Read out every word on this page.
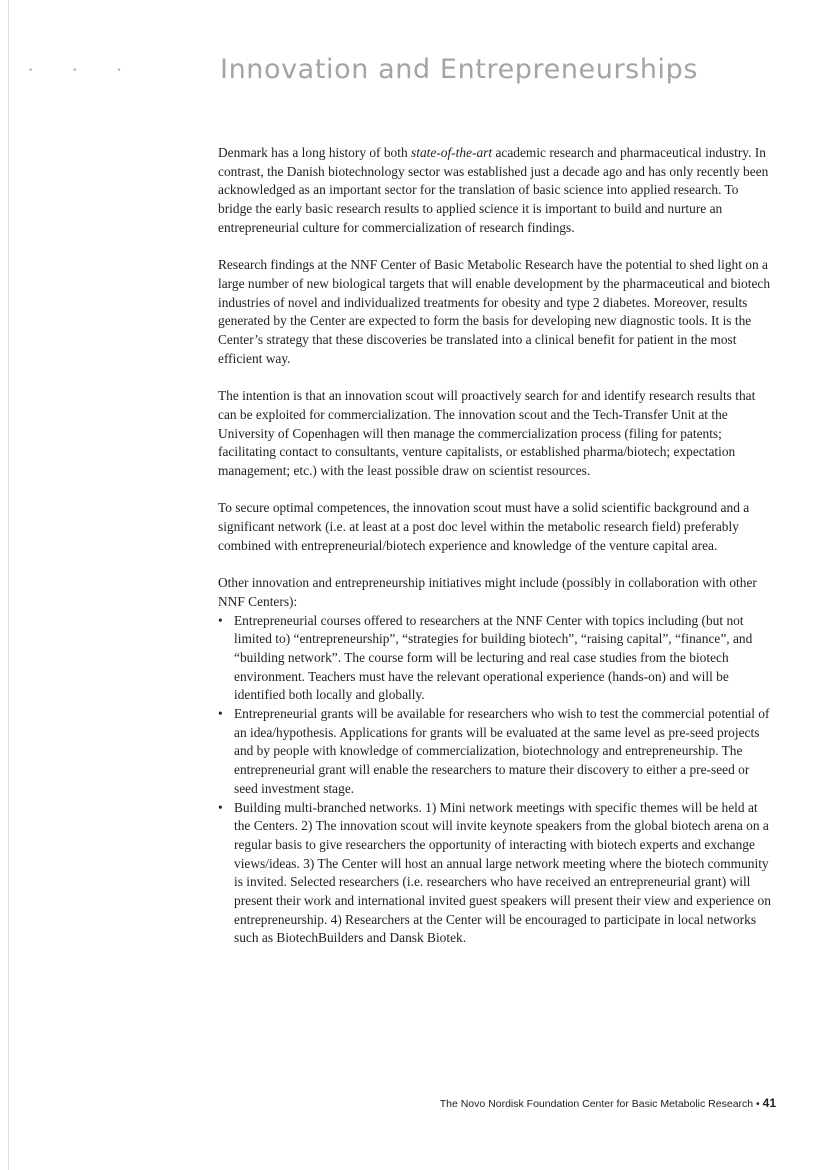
• • •	Innovation and Entrepreneurships

Denmark has a long history of both state-of-the-art academic research and pharmaceutical industry. In contrast, the Danish biotechnology sector was established just a decade ago and has only recently been acknowledged as an important sector for the translation of basic science into applied research. To bridge the early basic research results to applied science it is important to build and nurture an entrepreneurial culture for commercialization of research findings.

Research findings at the NNF Center of Basic Metabolic Research have the potential to shed light on a large number of new biological targets that will enable development by the pharmaceutical and biotech industries of novel and individualized treatments for obesity and type 2 diabetes. Moreover, results generated by the Center are expected to form the basis for developing new diagnostic tools. It is the Center’s strategy that these discoveries be translated into a clinical benefit for patient in the most efficient way.

The intention is that an innovation scout will proactively search for and identify research results that can be exploited for commercialization. The innovation scout and the Tech-Transfer Unit at the University of Copenhagen will then manage the commercialization process (filing for patents; facilitating contact to consultants, venture capitalists, or established pharma/biotech; expectation management; etc.) with the least possible draw on scientist resources.

To secure optimal competences, the innovation scout must have a solid scientific background and a significant network (i.e. at least at a post doc level within the metabolic research field) preferably combined with entrepreneurial/biotech experience and knowledge of the venture capital area.

Other innovation and entrepreneurship initiatives might include (possibly in collaboration with other NNF Centers):

• Entrepreneurial courses offered to researchers at the NNF Center with topics including (but not limited to) “entrepreneurship”, “strategies for building biotech”, “raising capital”, “finance”, and “building network”. The course form will be lecturing and real case studies from the biotech environment. Teachers must have the relevant operational experience (hands-on) and will be identified both locally and globally.
• Entrepreneurial grants will be available for researchers who wish to test the commercial potential of an idea/hypothesis. Applications for grants will be evaluated at the same level as pre-seed projects and by people with knowledge of commercialization, biotechnology and entrepreneurship. The entrepreneurial grant will enable the researchers to mature their discovery to either a pre-seed or seed investment stage.
• Building multi-branched networks. 1) Mini network meetings with specific themes will be held at the Centers. 2) The innovation scout will invite keynote speakers from the global biotech arena on a regular basis to give researchers the opportunity of interacting with biotech experts and exchange views/ideas. 3) The Center will host an annual large network meeting where the biotech community is invited. Selected researchers (i.e. researchers who have received an entrepreneurial grant) will present their work and international invited guest speakers will present their view and experience on entrepreneurship. 4) Researchers at the Center will be encouraged to participate in local networks such as BiotechBuilders and Dansk Biotek.
The Novo Nordisk Foundation Center for Basic Metabolic Research • 41
